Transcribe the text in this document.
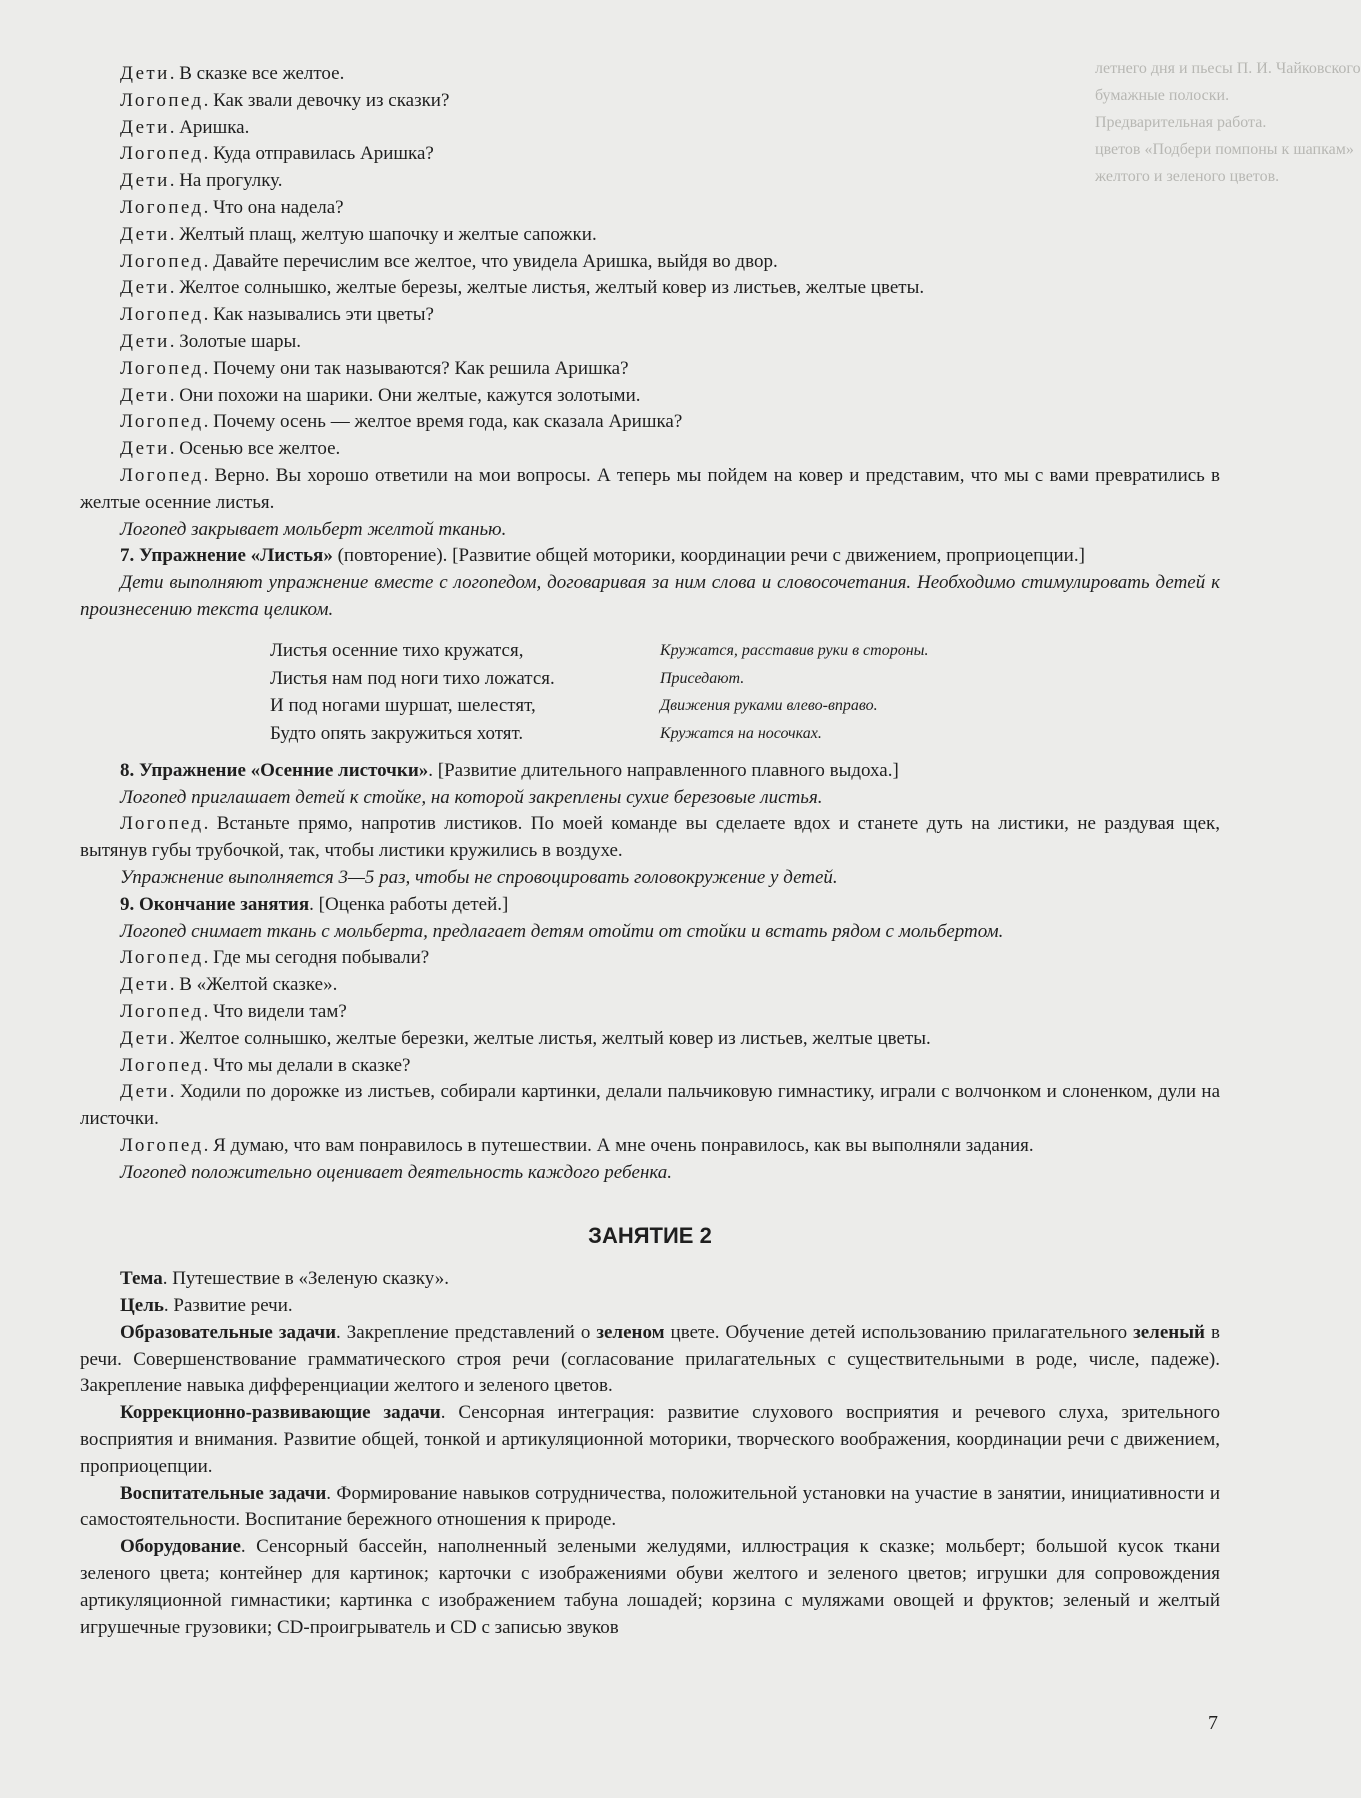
летнего дня и пьесы П. И. Чайковского
бумажные полоски.
Предварительная работа.
цветов «Подбери помпоны к шапкам»
желтого и зеленого цветов.

Дети. В сказке все желтое.

Логопед. Как звали девочку из сказки?

Дети. Аришка.

Логопед. Куда отправилась Аришка?

Дети. На прогулку.

Логопед. Что она надела?

Дети. Желтый плащ, желтую шапочку и желтые сапожки.

Логопед. Давайте перечислим все желтое, что увидела Аришка, выйдя во двор.

Дети. Желтое солнышко, желтые березы, желтые листья, желтый ковер из листьев, желтые цветы.

Логопед. Как назывались эти цветы?

Дети. Золотые шары.

Логопед. Почему они так называются? Как решила Аришка?

Дети. Они похожи на шарики. Они желтые, кажутся золотыми.

Логопед. Почему осень — желтое время года, как сказала Аришка?

Дети. Осенью все желтое.

Логопед. Верно. Вы хорошо ответили на мои вопросы. А теперь мы пойдем на ковер и представим, что мы с вами превратились в желтые осенние листья.

Логопед закрывает мольберт желтой тканью.

7. Упражнение «Листья» (повторение). [Развитие общей моторики, координации речи с движением, проприоцепции.]

Дети выполняют упражнение вместе с логопедом, договаривая за ним слова и словосочетания. Необходимо стимулировать детей к произнесению текста целиком.

Листья осенние тихо кружатся,	Кружатся, расставив руки в стороны.
Листья нам под ноги тихо ложатся.	Приседают.
И под ногами шуршат, шелестят,	Движения руками влево-вправо.
Будто опять закружиться хотят.	Кружатся на носочках.

8. Упражнение «Осенние листочки». [Развитие длительного направленного плавного выдоха.]

Логопед приглашает детей к стойке, на которой закреплены сухие березовые листья.

Логопед. Встаньте прямо, напротив листиков. По моей команде вы сделаете вдох и станете дуть на листики, не раздувая щек, вытянув губы трубочкой, так, чтобы листики кружились в воздухе.

Упражнение выполняется 3—5 раз, чтобы не спровоцировать головокружение у детей.

9. Окончание занятия. [Оценка работы детей.]

Логопед снимает ткань с мольберта, предлагает детям отойти от стойки и встать рядом с мольбертом.

Логопед. Где мы сегодня побывали?

Дети. В «Желтой сказке».

Логопед. Что видели там?

Дети. Желтое солнышко, желтые березки, желтые листья, желтый ковер из листьев, желтые цветы.

Логопед. Что мы делали в сказке?

Дети. Ходили по дорожке из листьев, собирали картинки, делали пальчиковую гимнастику, играли с волчонком и слоненком, дули на листочки.

Логопед. Я думаю, что вам понравилось в путешествии. А мне очень понравилось, как вы выполняли задания.

Логопед положительно оценивает деятельность каждого ребенка.

ЗАНЯТИЕ 2

Тема. Путешествие в «Зеленую сказку».

Цель. Развитие речи.

Образовательные задачи. Закрепление представлений о зеленом цвете. Обучение детей использованию прилагательного зеленый в речи. Совершенствование грамматического строя речи (согласование прилагательных с существительными в роде, числе, падеже). Закрепление навыка дифференциации желтого и зеленого цветов.

Коррекционно-развивающие задачи. Сенсорная интеграция: развитие слухового восприятия и речевого слуха, зрительного восприятия и внимания. Развитие общей, тонкой и артикуляционной моторики, творческого воображения, координации речи с движением, проприоцепции.

Воспитательные задачи. Формирование навыков сотрудничества, положительной установки на участие в занятии, инициативности и самостоятельности. Воспитание бережного отношения к природе.

Оборудование. Сенсорный бассейн, наполненный зелеными желудями, иллюстрация к сказке; мольберт; большой кусок ткани зеленого цвета; контейнер для картинок; карточки с изображениями обуви желтого и зеленого цветов; игрушки для сопровождения артикуляционной гимнастики; картинка с изображением табуна лошадей; корзина с муляжами овощей и фруктов; зеленый и желтый игрушечные грузовики; CD-проигрыватель и CD с записью звуков

7
